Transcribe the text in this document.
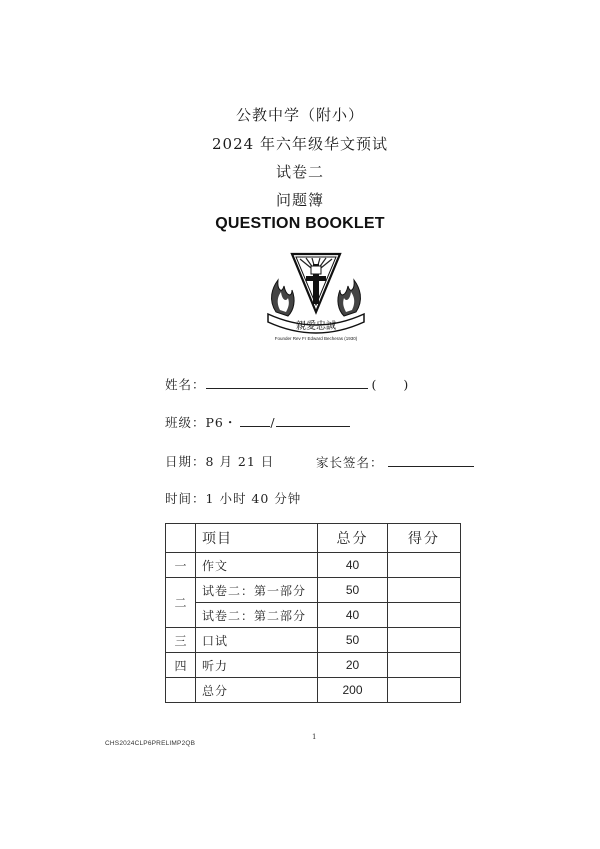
公教中学（附小）
2024 年六年级华文预试
试卷二
问题簿
QUESTION BOOKLET
親愛忠誠
Founder Rev Fr Edward Becheras (1930)
姓名：	( )
班级：P6・	/
日期：8 月 21 日	家长签名：
时间：1 小时 40 分钟
	项目	总分	得分
一	作文	40	
二	试卷二：第一部分	50	
	试卷二：第二部分	40	
三	口试	50	
四	听力	20	
	总分	200	
1
CHS2024CLP6PRELIMP2QB
